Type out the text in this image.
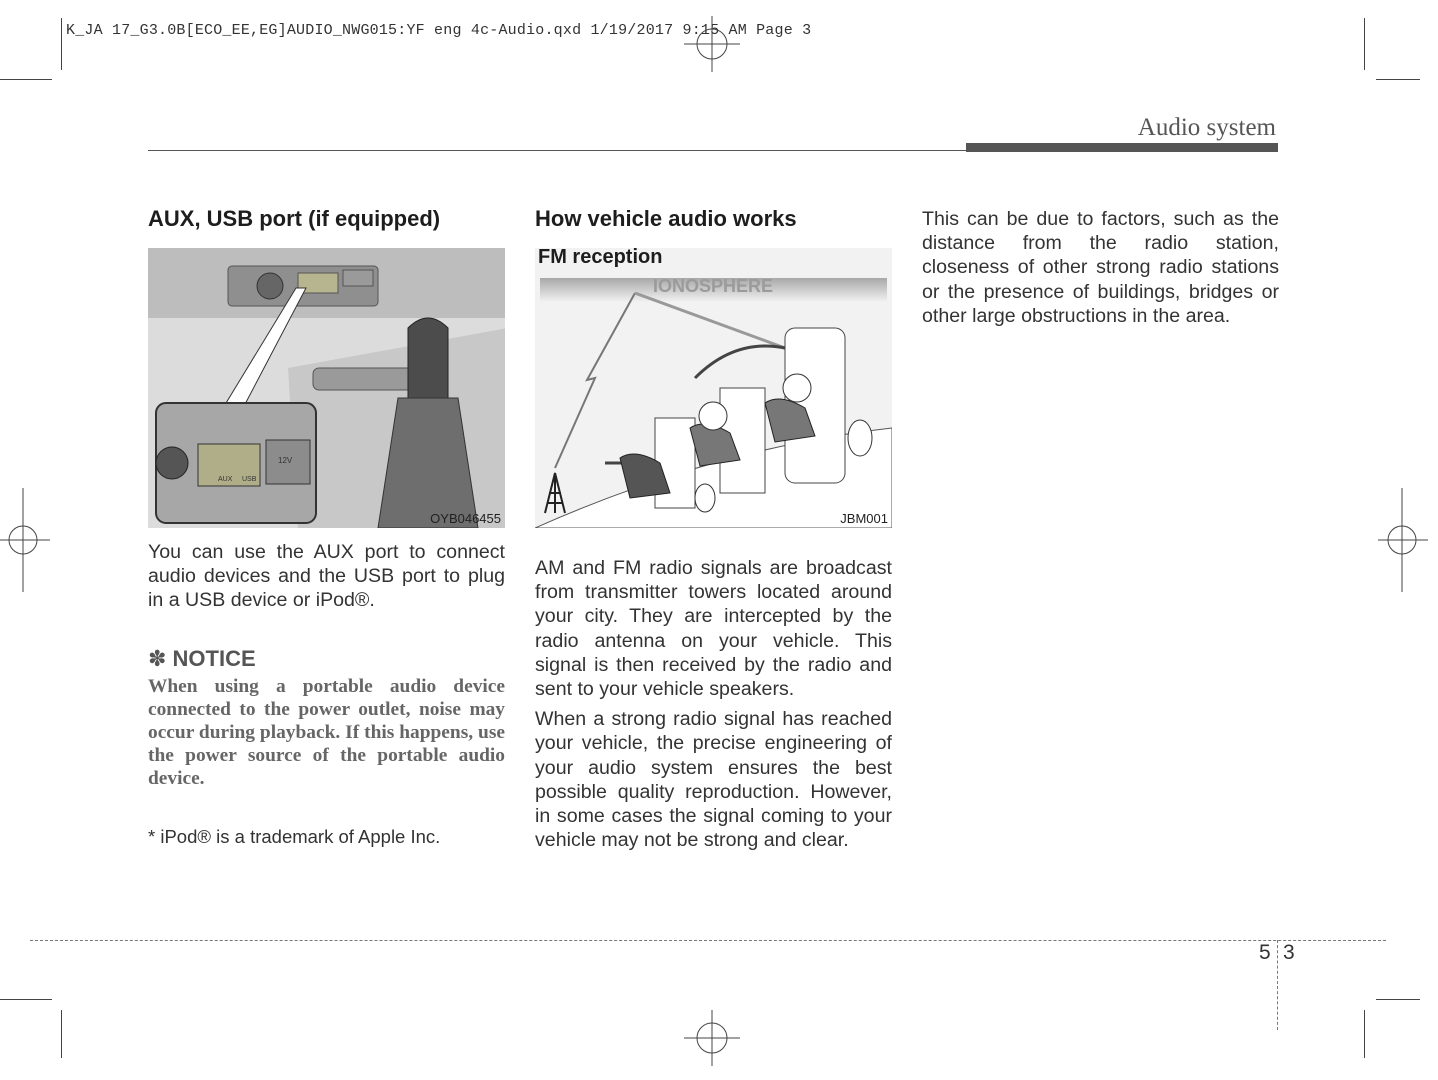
K_JA 17_G3.0B[ECO_EE,EG]AUDIO_NWG015:YF eng 4c-Audio.qxd 1/19/2017 9:15 AM Page 3
Audio system
AUX, USB port (if equipped)
AUX USB
12V
OYB046455

You can use the AUX port to connect audio devices and the USB port to plug in a USB device or iPod®.

✽ NOTICE

When using a portable audio device connected to the power outlet, noise may occur during playback. If this happens, use the power source of the portable audio device.

* iPod® is a trademark of Apple Inc.

How vehicle audio works
FM reception
IONOSPHERE
JBM001

AM and FM radio signals are broadcast from transmitter towers located around your city. They are intercepted by the radio antenna on your vehicle. This signal is then received by the radio and sent to your vehicle speakers.

When a strong radio signal has reached your vehicle, the precise engineering of your audio system ensures the best possible quality reproduction. However, in some cases the signal coming to your vehicle may not be strong and clear.

This can be due to factors, such as the distance from the radio station, closeness of other strong radio stations or the presence of buildings, bridges or other large obstructions in the area.

5 3
